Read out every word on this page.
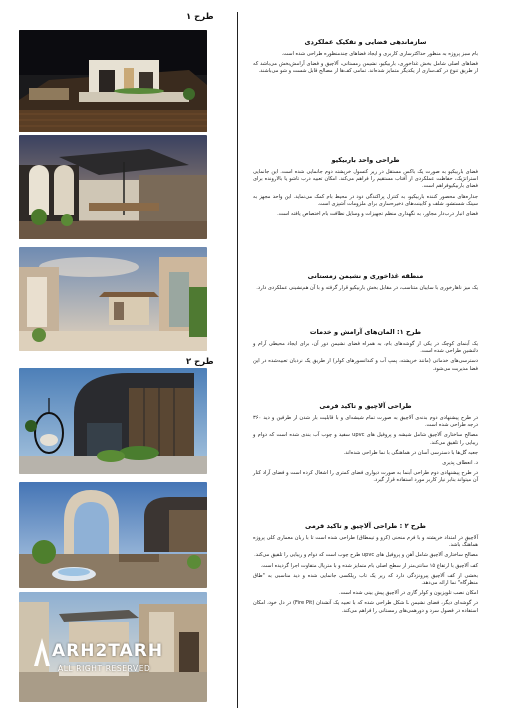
طرح ۱
طرح ۲
ARH2TARH
ALL RIGHT RESERVED
سازماندهی فضایی و تفکیک عملکردی

بام سبز پروژه به منظور حداکثرسازی کاربری و ایجاد فضاهای چندمنظوره طراحی شده است.

فضاهای اصلی شامل بخش غذاخوری، باربیکیو، نشیمن زمستانی، آلاچیق و فضای آرامش‌بخش می‌باشد که از طریق تنوع در کف‌سازی از یکدیگر متمایز شده‌اند. تمامی کف‌ها از مصالح قابل شست و شو می‌باشند.

طراحی واحد باربیکیو

فضای باربیکیو به صورت یک باکس مستقل در زیر کنسول خرپشته دوم جانمایی شده است. این جانمایی استراتژیک، حفاظت عملکردی از آفتاب مستقیم را فراهم می‌کند. امکان تعبیه درب تاشو یا بالارونده برای فضای باربیکیوفراهم است.

جداره‌های محصور کننده باربیکیو، به کنترل پراکندگی دود در محیط بام کمک می‌نماید. این واحد مجهز به سینک شستشو، شلف و کابینت‌های ذخیره‌سازی برای ملزومات آشپزی است.

فضای انبار درب‌دار مجاور، به نگهداری منظم تجهیزات و وسایل نظافت بام اختصاص یافته است.

منطقه غذاخوری و نشیمن زمستانی

یک میز ناهارخوری با سایبان متناسب، در مقابل بخش باربیکیو قرار گرفته و با آن هم‌نشینی عملکردی دارد.

طرح ۱: المان‌های آرامش و خدمات

یک آبنمای کوچک در یکی از گوشه‌های بام، به همراه فضای نشیمن دور آن، برای ایجاد محیطی آرام و دلنشین طراحی شده است.

دسترسی‌های خدماتی (مانند خرپشته، پمپ آب و کندانسورهای کولر) از طریق یک نردبان تعبیه‌شده در این فضا مدیریت می‌شود.

طراحی آلاچیق و تاکید فرمی

در طرح پیشنهادی دوم بدنه‌ی آلاچیق به صورت تمام شیشه‌ای و با قابلیت باز شدن از طرفین و دید ۳۶۰ درجه طراحی شده است.

مصالح ساختاری آلاچیق شامل شیشه و پروفیل های upvc سفید و چوب آب بندی شده است که دوام و زیبایی را تلفیق می‌کند.

جعبه گل‌ها با دسترسی آسان در هماهنگی با نما طراحی شده‌اند.

د. انعطاف پذیری

در طرح پیشنهادی دوم طراحی آبنما به صورت دیواری فضای کمتری را اشغال کرده است و فضای آزاد کنار آن میتواند بنابر نیاز کاربر مورد استفاده قرار گیرد.

طرح ۲ : طراحی آلاچیق و تاکید فرمی

آلاچیق در امتداد خرپشته و با فرم منحنی (کرو و تیمطاق) طراحی شده است تا با زبان معماری کلی پروژه هماهنگ باشد.

مصالح ساختاری آلاچیق شامل آهن و پروفیل های upvc طرح چوب است که دوام و زیبایی را تلفیق می‌کند.

کف آلاچیق با ارتفاع ۱۵ سانتی‌متر از سطح اصلی بام متمایز شده و با متریال متفاوت اجرا گردیده است.

بخشی از کف آلاچیق پیرونزدگی دارد که زیر یک تاب ریلکسی جانمایی شده و دید مناسبی به "طاق منظرگاه" نما ارائه می‌دهد.

امکان نصب تلویزیون و کولر گازی در آلاچیق پیش بینی شده است.

در گوشه‌ای دیگر، فضای نشیمن L شکل طراحی شده که با تعبیه یک آتشدان (Fire Pit) در دل خود، امکان استفاده در فصول سرد و دورهمی‌های زمستانی را فراهم می‌کند.
